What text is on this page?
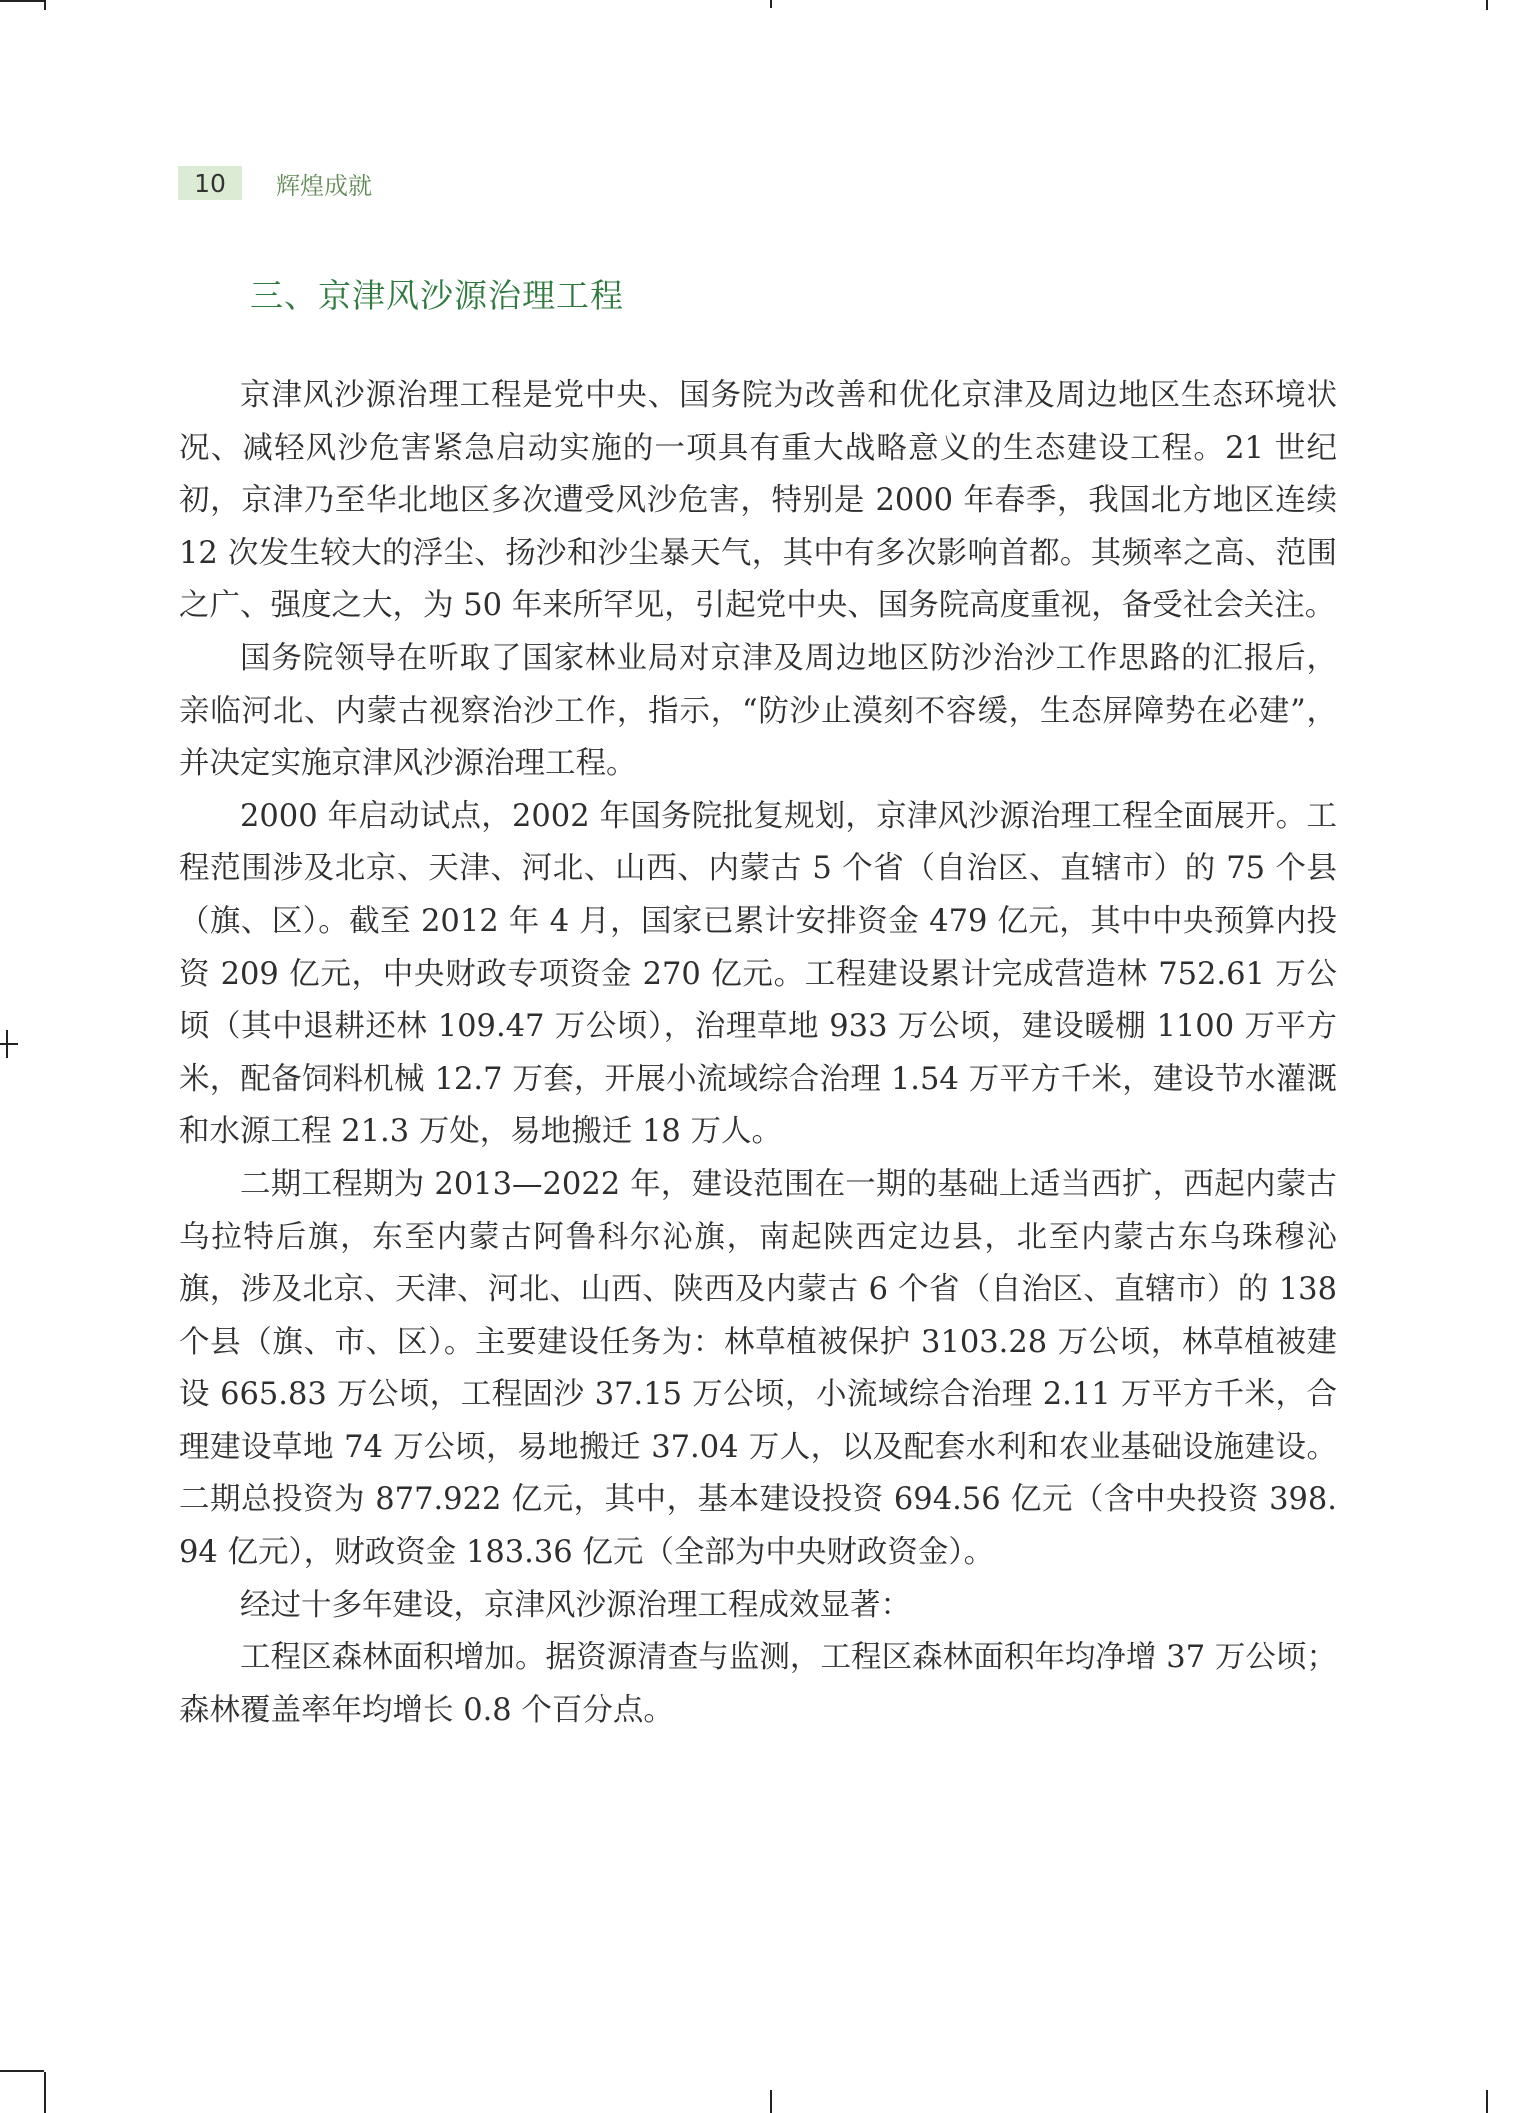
10	辉煌成就
三、京津风沙源治理工程

京津风沙源治理工程是党中央、国务院为改善和优化京津及周边地区生态环境状况、减轻风沙危害紧急启动实施的一项具有重大战略意义的生态建设工程。21 世纪初，京津乃至华北地区多次遭受风沙危害，特别是 2000 年春季，我国北方地区连续 12 次发生较大的浮尘、扬沙和沙尘暴天气，其中有多次影响首都。其频率之高、范围之广、强度之大，为 50 年来所罕见，引起党中央、国务院高度重视，备受社会关注。

国务院领导在听取了国家林业局对京津及周边地区防沙治沙工作思路的汇报后，亲临河北、内蒙古视察治沙工作，指示，“防沙止漠刻不容缓，生态屏障势在必建”，并决定实施京津风沙源治理工程。

2000 年启动试点，2002 年国务院批复规划，京津风沙源治理工程全面展开。工程范围涉及北京、天津、河北、山西、内蒙古 5 个省（自治区、直辖市）的 75 个县（旗、区）。截至 2012 年 4 月，国家已累计安排资金 479 亿元，其中中央预算内投资 209 亿元，中央财政专项资金 270 亿元。工程建设累计完成营造林 752.61 万公顷（其中退耕还林 109.47 万公顷），治理草地 933 万公顷，建设暖棚 1100 万平方米，配备饲料机械 12.7 万套，开展小流域综合治理 1.54 万平方千米，建设节水灌溉和水源工程 21.3 万处，易地搬迁 18 万人。

二期工程期为 2013—2022 年，建设范围在一期的基础上适当西扩，西起内蒙古乌拉特后旗，东至内蒙古阿鲁科尔沁旗，南起陕西定边县，北至内蒙古东乌珠穆沁旗，涉及北京、天津、河北、山西、陕西及内蒙古 6 个省（自治区、直辖市）的 138 个县（旗、市、区）。主要建设任务为：林草植被保护 3103.28 万公顷，林草植被建设 665.83 万公顷，工程固沙 37.15 万公顷，小流域综合治理 2.11 万平方千米，合理建设草地 74 万公顷，易地搬迁 37.04 万人，以及配套水利和农业基础设施建设。二期总投资为 877.922 亿元，其中，基本建设投资 694.56 亿元（含中央投资 398.94 亿元），财政资金 183.36 亿元（全部为中央财政资金）。

经过十多年建设，京津风沙源治理工程成效显著：

工程区森林面积增加。据资源清查与监测，工程区森林面积年均净增 37 万公顷；森林覆盖率年均增长 0.8 个百分点。
